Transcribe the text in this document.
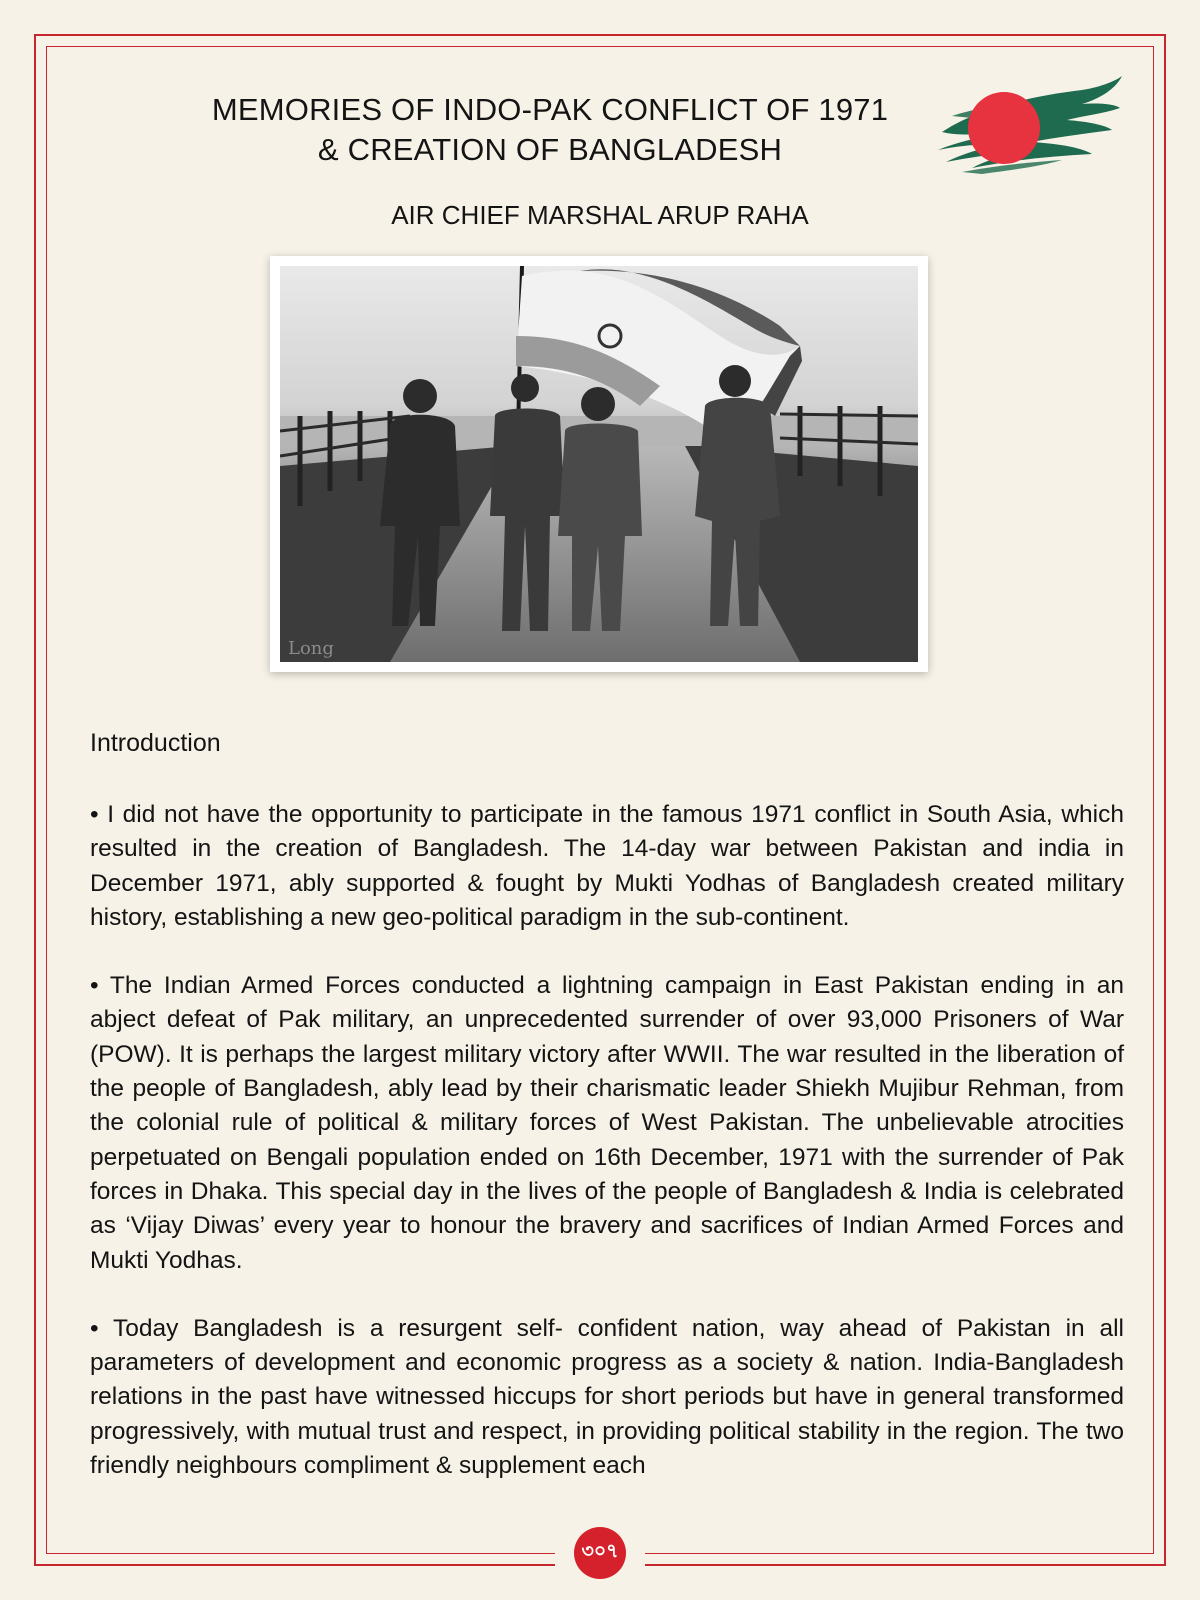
৩০৭
MEMORIES OF INDO-PAK CONFLICT OF 1971
& CREATION OF BANGLADESH
AIR CHIEF MARSHAL ARUP RAHA
Long
Introduction

• I did not have the opportunity to participate in the famous 1971 conflict in South Asia, which resulted in the creation of Bangladesh. The 14-day war between Pakistan and india in December 1971, ably supported & fought by Mukti Yodhas of Bangladesh created military history, establishing a new geo-political paradigm in the sub-continent.

• The Indian Armed Forces conducted a lightning campaign in East Pakistan ending in an abject defeat of Pak military, an unprecedented surrender of over 93,000 Prisoners of War (POW). It is perhaps the largest military victory after WWII. The war resulted in the liberation of the people of Bangladesh, ably lead by their charismatic leader Shiekh Mujibur Rehman, from the colonial rule of political & military forces of West Pakistan. The unbelievable atrocities perpetuated on Bengali population ended on 16th December, 1971 with the surrender of Pak forces in Dhaka. This special day in the lives of the people of Bangladesh & India is celebrated as ‘Vijay Diwas’ every year to honour the bravery and sacrifices of Indian Armed Forces and Mukti Yodhas.

• Today Bangladesh is a resurgent self- confident nation, way ahead of Pakistan in all parameters of development and economic progress as a society & nation. India-Bangladesh relations in the past have witnessed hiccups for short periods but have in general transformed progressively, with mutual trust and respect, in providing political stability in the region. The two friendly neighbours compliment & supplement each
